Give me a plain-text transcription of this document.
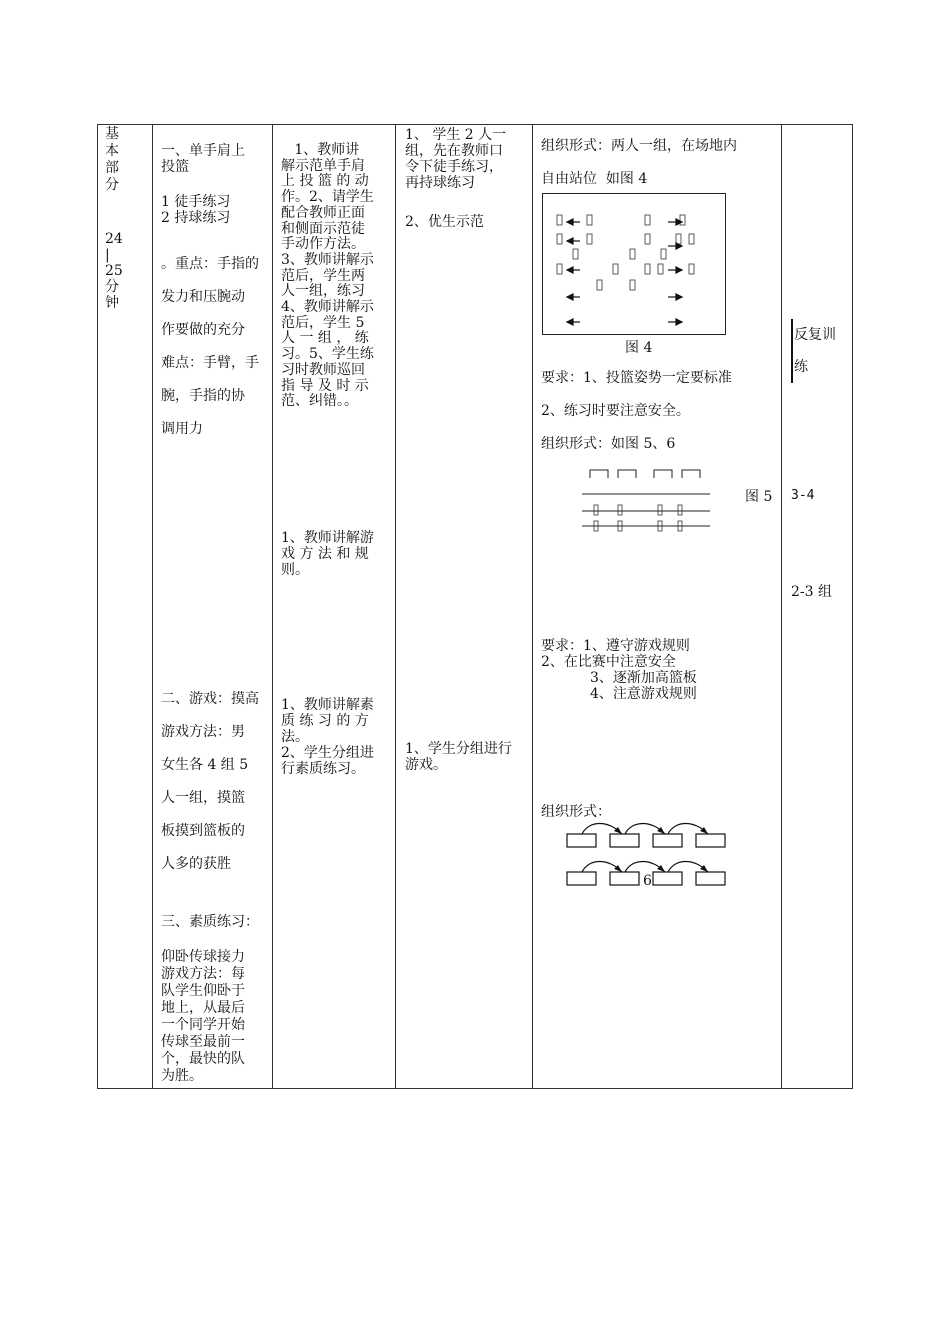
基
本
部
分
24
|
25
分
钟
一、单手肩上
投篮
1 徒手练习
2 持球练习
。重点：手指的
发力和压腕动
作要做的充分
难点：手臂，手
腕，手指的协
调用力
二、游戏：摸高
游戏方法：男
女生各 4 组 5
人一组，摸篮
板摸到篮板的
人多的获胜
三、素质练习：
仰卧传球接力
游戏方法：每
队学生仰卧于
地上，从最后
一个同学开始
传球至最前一
个，最快的队
为胜。
1、教师讲
解示范单手肩
上 投 篮 的 动
作。2、请学生
配合教师正面
和侧面示范徒
手动作方法。
3、教师讲解示
范后，学生两
人一组，练习
4、教师讲解示
范后，学生 5
人 一 组 ， 练
习。5、学生练
习时教师巡回
指 导 及 时 示
范、纠错。。
1、教师讲解游
戏 方 法 和 规
则。
1、教师讲解素
质 练 习 的 方
法。
2、学生分组进
行素质练习。
1、 学生 2 人一
组，先在教师口
令下徒手练习，
再持球练习
2、优生示范
1、学生分组进行
游戏。
组织形式：两人一组，在场地内
自由站位  如图 4
图 4
要求：1、投篮姿势一定要标准
2、练习时要注意安全。
组织形式：如图 5、6
图 5
要求：1、遵守游戏规则
2、在比赛中注意安全
3、逐渐加高篮板
4、注意游戏规则
组织形式：
6
反复训
练
3-4
2-3 组
